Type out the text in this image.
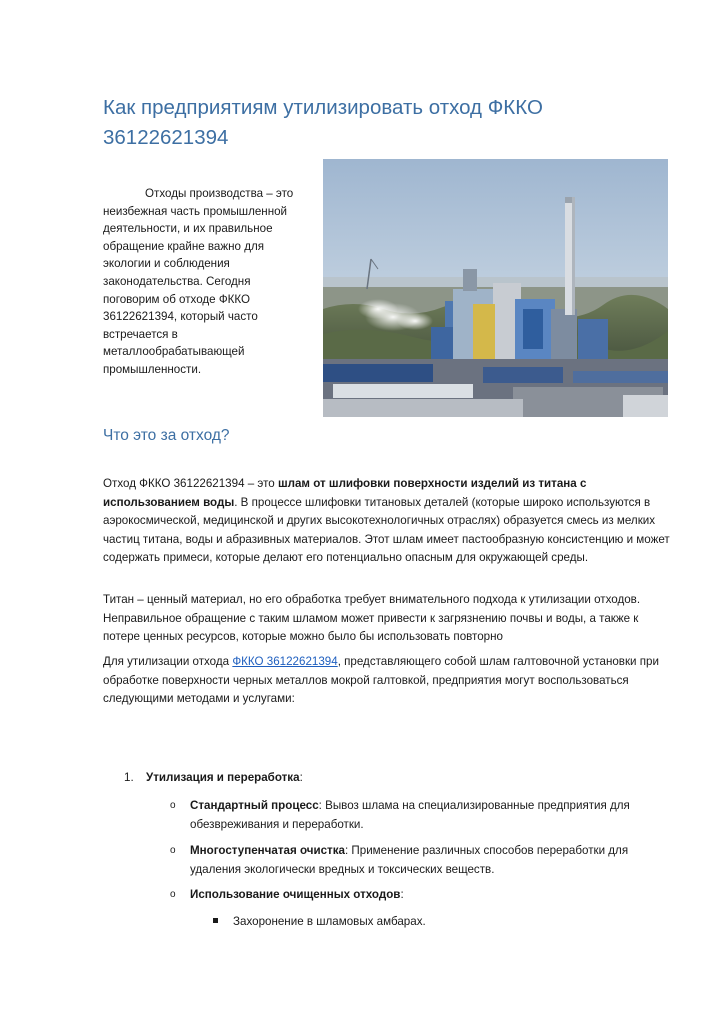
Как предприятиям утилизировать отход ФККО 36122621394

Отходы производства – это неизбежная часть промышленной деятельности, и их правильное обращение крайне важно для экологии и соблюдения законодательства. Сегодня поговорим об отходе ФККО 36122621394, который часто встречается в металлообрабатывающей промышленности.

Что это за отход?

Отход ФККО 36122621394 – это шлам от шлифовки поверхности изделий из титана с использованием воды. В процессе шлифовки титановых деталей (которые широко используются в аэрокосмической, медицинской и других высокотехнологичных отраслях) образуется смесь из мелких частиц титана, воды и абразивных материалов. Этот шлам имеет пастообразную консистенцию и может содержать примеси, которые делают его потенциально опасным для окружающей среды.

Титан – ценный материал, но его обработка требует внимательного подхода к утилизации отходов. Неправильное обращение с таким шламом может привести к загрязнению почвы и воды, а также к потере ценных ресурсов, которые можно было бы использовать повторно

Для утилизации отхода ФККО 36122621394, представляющего собой шлам галтовочной установки при обработке поверхности черных металлов мокрой галтовкой, предприятия могут воспользоваться следующими методами и услугами:

1. Утилизация и переработка:
o Стандартный процесс: Вывоз шлама на специализированные предприятия для обезвреживания и переработки.
o Многоступенчатая очистка: Применение различных способов переработки для удаления экологически вредных и токсических веществ.
o Использование очищенных отходов:
Захоронение в шламовых амбарах.
